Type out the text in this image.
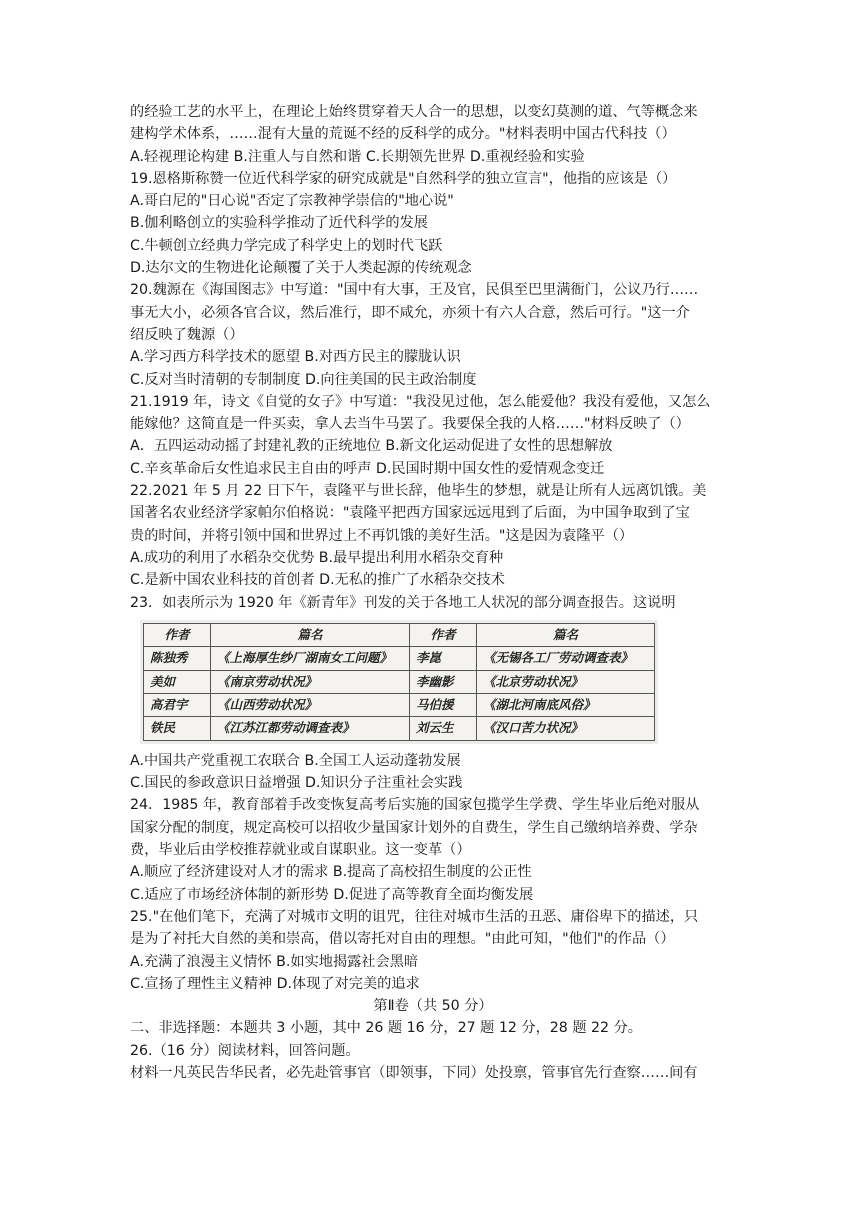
的经验工艺的水平上，在理论上始终贯穿着天人合一的思想，以变幻莫测的道、气等概念来

建构学术体系，……混有大量的荒诞不经的反科学的成分。"材料表明中国古代科技（）

A.轻视理论构建 B.注重人与自然和谐 C.长期领先世界 D.重视经验和实验

19.恩格斯称赞一位近代科学家的研究成就是"自然科学的独立宣言"，他指的应该是（）

A.哥白尼的"日心说"否定了宗教神学崇信的"地心说"

B.伽利略创立的实验科学推动了近代科学的发展

C.牛顿创立经典力学完成了科学史上的划时代飞跃

D.达尔文的生物进化论颠覆了关于人类起源的传统观念

20.魏源在《海国图志》中写道："国中有大事，王及官，民俱至巴里满衙门，公议乃行……

事无大小，必须各官合议，然后准行，即不咸允，亦须十有六人合意，然后可行。"这一介

绍反映了魏源（）

A.学习西方科学技术的愿望 B.对西方民主的朦胧认识

C.反对当时清朝的专制制度 D.向往美国的民主政治制度

21.1919 年，诗文《自觉的女子》中写道："我没见过他，怎么能爱他？我没有爱他，又怎么

能嫁他？这简直是一件买卖，拿人去当牛马罢了。我要保全我的人格……"材料反映了（）

A．五四运动动摇了封建礼教的正统地位 B.新文化运动促进了女性的思想解放

C.辛亥革命后女性追求民主自由的呼声 D.民国时期中国女性的爱情观念变迁

22.2021 年 5 月 22 日下午，袁隆平与世长辞，他毕生的梦想，就是让所有人远离饥饿。美

国著名农业经济学家帕尔伯格说："袁隆平把西方国家远远甩到了后面，为中国争取到了宝

贵的时间，并将引领中国和世界过上不再饥饿的美好生活。"这是因为袁隆平（）

A.成功的利用了水稻杂交优势 B.最早提出利用水稻杂交育种

C.是新中国农业科技的首创者 D.无私的推广了水稻杂交技术

23．如表所示为 1920 年《新青年》刊发的关于各地工人状况的部分调查报告。这说明

作者	篇名	作者	篇名
陈独秀	《上海厚生纱厂湖南女工问题》	李崑	《无锡各工厂劳动调查表》
美如	《南京劳动状况》	李幽影	《北京劳动状况》
高君宇	《山西劳动状况》	马伯援	《湖北河南底风俗》
铁民	《江苏江都劳动调查表》	刘云生	《汉口苦力状况》

A.中国共产党重视工农联合 B.全国工人运动蓬勃发展

C.国民的参政意识日益增强 D.知识分子注重社会实践

24．1985 年，教育部着手改变恢复高考后实施的国家包揽学生学费、学生毕业后绝对服从

国家分配的制度，规定高校可以招收少量国家计划外的自费生，学生自己缴纳培养费、学杂

费，毕业后由学校推荐就业或自谋职业。这一变革（）

A.顺应了经济建设对人才的需求 B.提高了高校招生制度的公正性

C.适应了市场经济体制的新形势 D.促进了高等教育全面均衡发展

25."在他们笔下，充满了对城市文明的诅咒，往往对城市生活的丑恶、庸俗卑下的描述，只

是为了衬托大自然的美和崇高，借以寄托对自由的理想。"由此可知，"他们"的作品（）

A.充满了浪漫主义情怀 B.如实地揭露社会黑暗

C.宣扬了理性主义精神 D.体现了对完美的追求

第Ⅱ卷（共 50 分）

二、非选择题：本题共 3 小题，其中 26 题 16 分，27 题 12 分，28 题 22 分。

26.（16 分）阅读材料，回答问题。

材料一凡英民告华民者，必先赴管事官（即领事，下同）处投禀，管事官先行查察……间有
